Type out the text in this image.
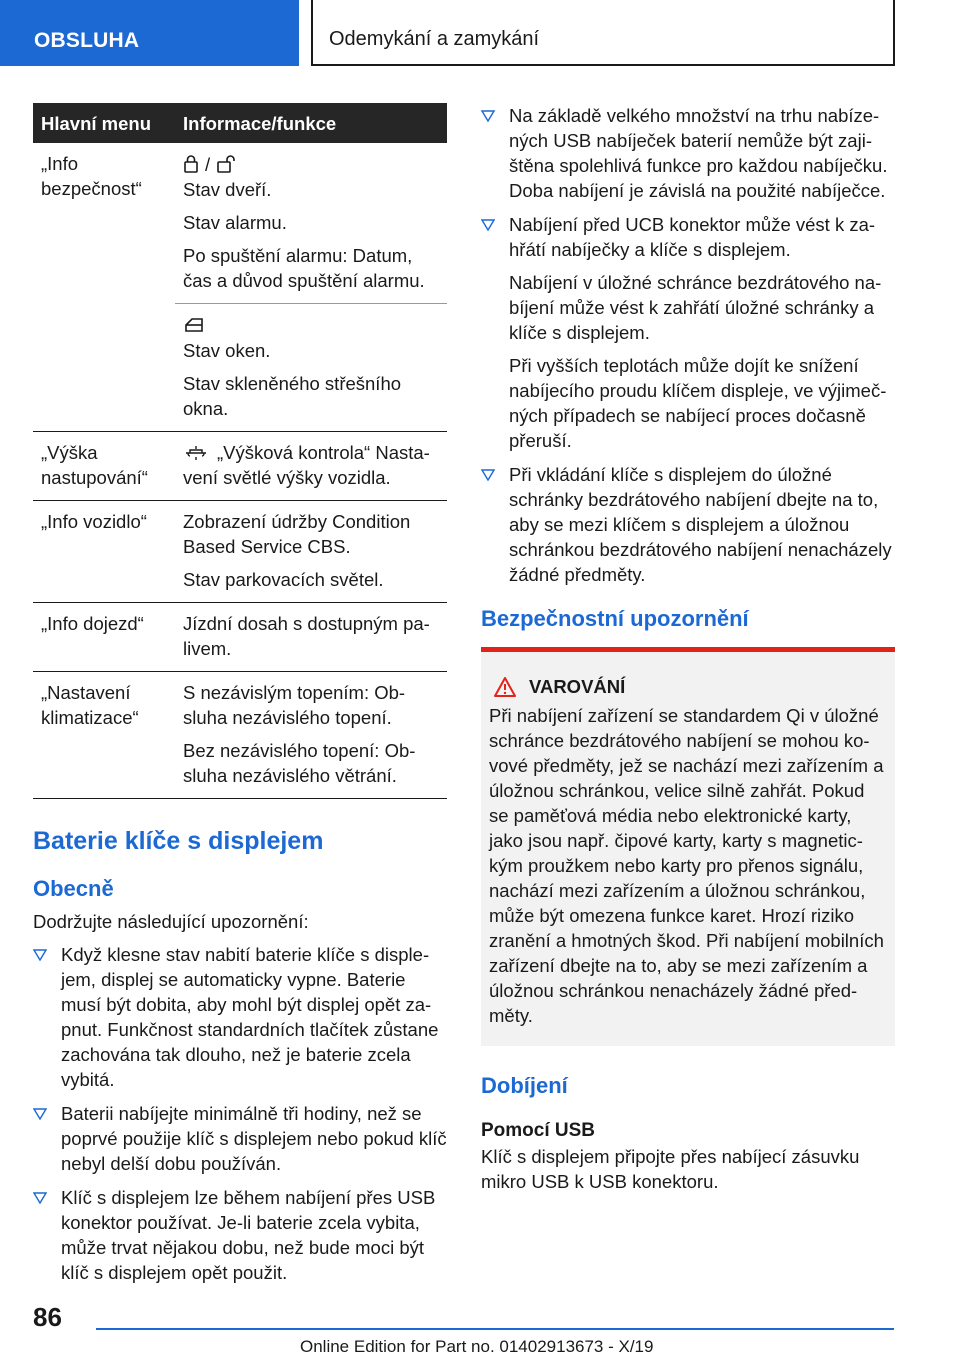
OBSLUHA	Odemykání a zamykání
Hlavní menu	Informace/funkce
„Info bezpečnost“	/

Stav dveří.

Stav alarmu.

Po spuštění alarmu: Datum, čas a důvod spuštění alarmu.

	Stav oken.

Stav skleněného střešního okna.

„Výška nastupování“	„Výšková kontrola“ Nastavení světlé výšky vozidla.

„Info vozidlo“	Zobrazení údržby Condition Based Service CBS.

Stav parkovacích světel.

„Info dojezd“	Jízdní dosah s dostupným palivem.

„Nastavení klimatizace“	S nezávislým topením: Obsluha nezávislého topení.

Bez nezávislého topení: Obsluha nezávislého větrání.

Baterie klíče s displejem
Obecně

Dodržujte následující upozornění:

Když klesne stav nabití baterie klíče s displejem, displej se automaticky vypne. Baterie musí být dobita, aby mohl být displej opět zapnut. Funkčnost standardních tlačítek zůstane zachována tak dlouho, než je baterie zcela vybitá.
Baterii nabíjejte minimálně tři hodiny, než se poprvé použije klíč s displejem nebo pokud klíč nebyl delší dobu používán.
Klíč s displejem lze během nabíjení přes USB konektor používat. Je-li baterie zcela vybita, může trvat nějakou dobu, než bude moci být klíč s displejem opět použit.

Na základě velkého množství na trhu nabízených USB nabíječek baterií nemůže být zajištěna spolehlivá funkce pro každou nabíječku. Doba nabíjení je závislá na použité nabíječce.

Nabíjení před UCB konektor může vést k zahřátí nabíječky a klíče s displejem.

Nabíjení v úložné schránce bezdrátového nabíjení může vést k zahřátí úložné schránky a klíče s displejem.

Při vyšších teplotách může dojít ke snížení nabíjecího proudu klíčem displeje, ve výjimečných případech se nabíjecí proces dočasně přeruší.

Při vkládání klíče s displejem do úložné schránky bezdrátového nabíjení dbejte na to, aby se mezi klíčem s displejem a úložnou schránkou bezdrátového nabíjení nenacházely žádné předměty.

Bezpečnostní upozornění
VAROVÁNÍ

Při nabíjení zařízení se standardem Qi v úložné schránce bezdrátového nabíjení se mohou kovové předměty, jež se nachází mezi zařízením a úložnou schránkou, velice silně zahřát. Pokud se paměťová média nebo elektronické karty, jako jsou např. čipové karty, karty s magnetickým proužkem nebo karty pro přenos signálu, nachází mezi zařízením a úložnou schránkou, může být omezena funkce karet. Hrozí riziko zranění a hmotných škod. Při nabíjení mobilních zařízení dbejte na to, aby se mezi zařízením a úložnou schránkou nenacházely žádné předměty.

Dobíjení
Pomocí USB

Klíč s displejem připojte přes nabíjecí zásuvku mikro USB k USB konektoru.

86
Online Edition for Part no. 01402913673 - X/19
